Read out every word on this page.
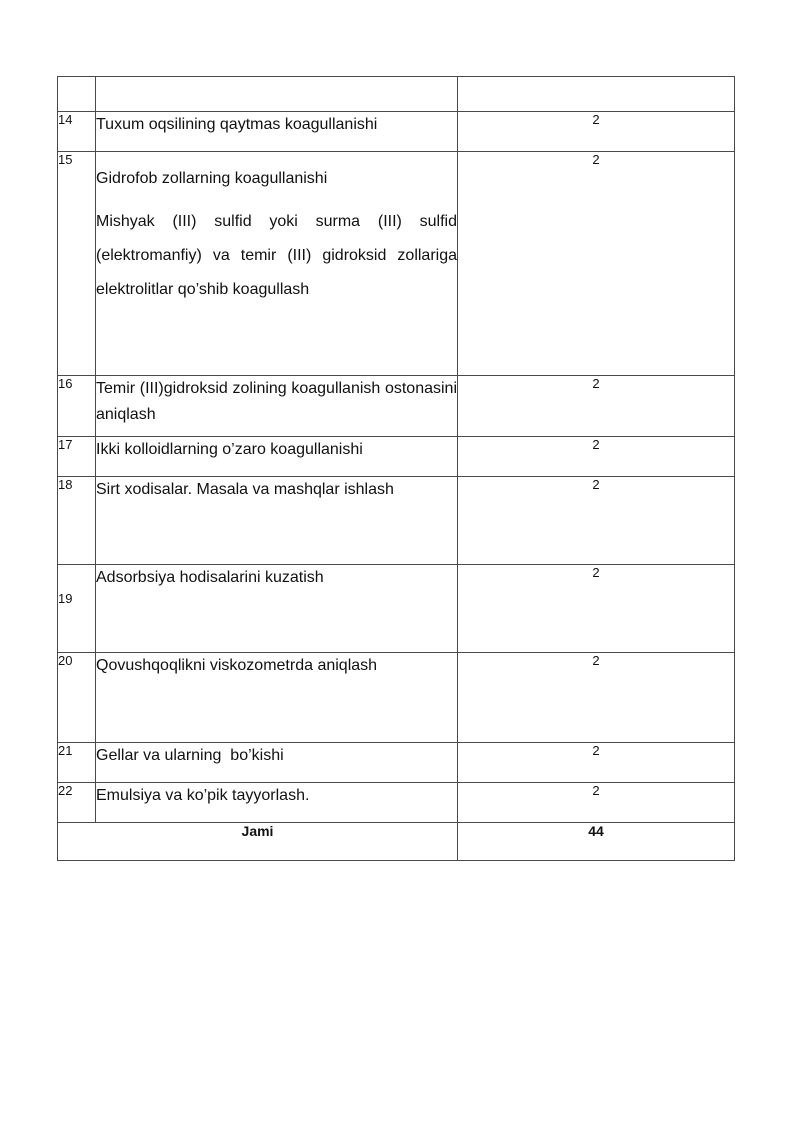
14	Tuxum oqsilining qaytmas koagullanishi	2
15	Gidrofob zollarning koagullanishi

Mishyak (III) sulfid yoki surma (III) sulfid (elektromanfiy) va temir (III) gidroksid zollariga elektrolitlar qo’shib koagullash	2
16	Temir (III)gidroksid zolining koagullanish ostonasini aniqlash	2
17	Ikki kolloidlarning o’zaro koagullanishi	2
18	Sirt xodisalar. Masala va mashqlar ishlash	2
19	Adsorbsiya hodisalarini kuzatish	2
20	Qovushqoqlikni viskozometrda aniqlash	2
21	Gellar va ularning  bo’kishi	2
22	Emulsiya va ko’pik tayyorlash.	2
Jami		44
